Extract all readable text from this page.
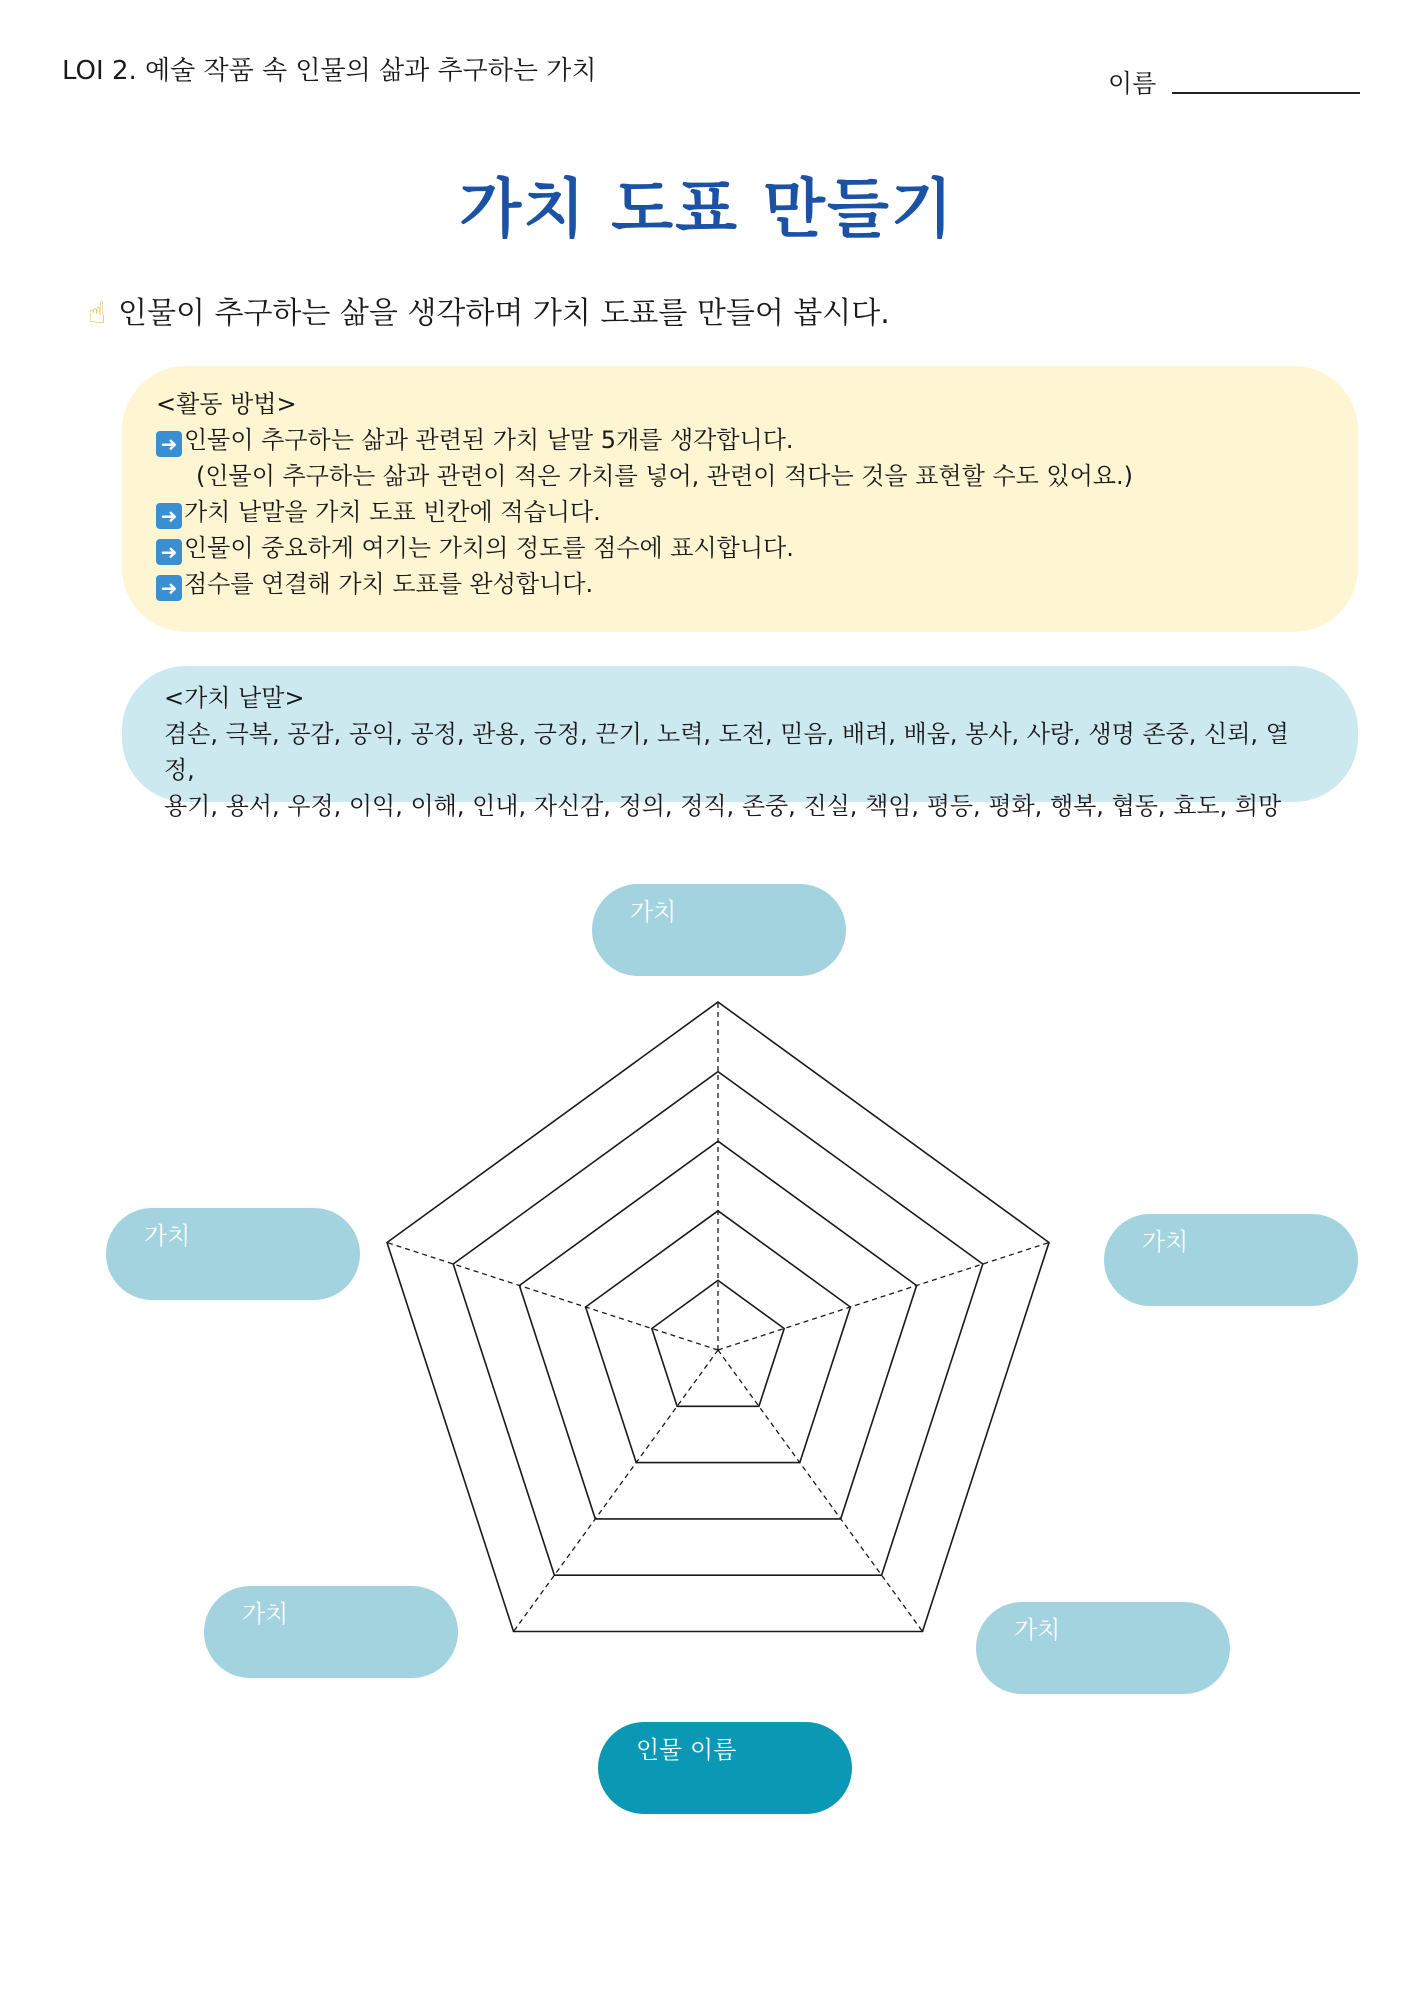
LOI 2. 예술 작품 속 인물의 삶과 추구하는 가치	이름
가치 도표 만들기
☝ 인물이 추구하는 삶을 생각하며 가치 도표를 만들어 봅시다.
<활동 방법>
➜ 인물이 추구하는 삶과 관련된 가치 낱말 5개를 생각합니다.
(인물이 추구하는 삶과 관련이 적은 가치를 넣어, 관련이 적다는 것을 표현할 수도 있어요.)
➜ 가치 낱말을 가치 도표 빈칸에 적습니다.
➜ 인물이 중요하게 여기는 가치의 정도를 점수에 표시합니다.
➜ 점수를 연결해 가치 도표를 완성합니다.
<가치 낱말>
겸손, 극복, 공감, 공익, 공정, 관용, 긍정, 끈기, 노력, 도전, 믿음, 배려, 배움, 봉사, 사랑, 생명 존중, 신뢰, 열정,
용기, 용서, 우정, 이익, 이해, 인내, 자신감, 정의, 정직, 존중, 진실, 책임, 평등, 평화, 행복, 협동, 효도, 희망
가치
가치
가치
가치
가치
인물 이름
